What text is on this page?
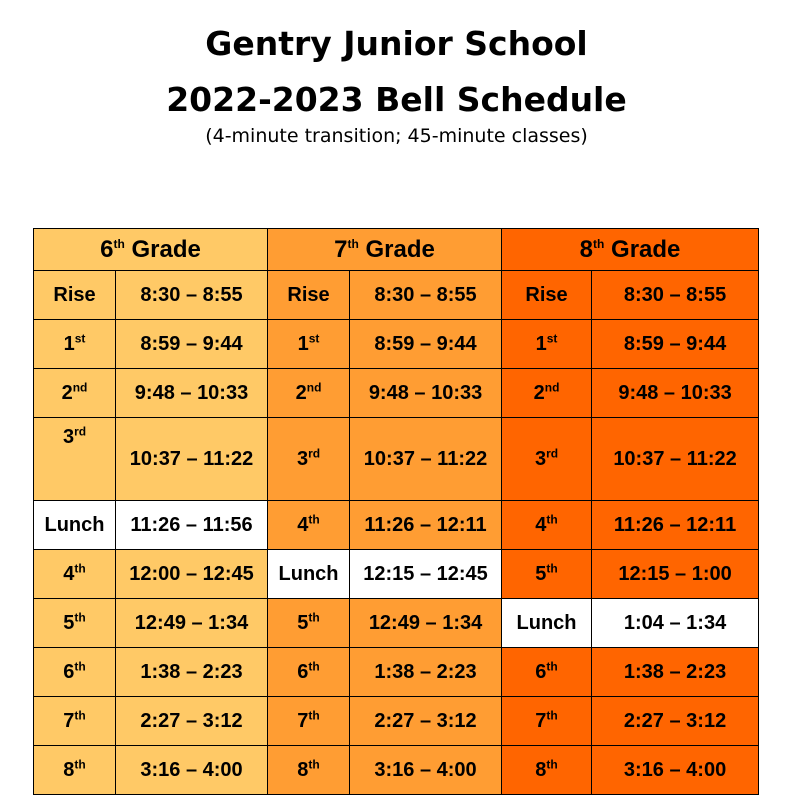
Gentry Junior School
2022-2023 Bell Schedule
(4-minute transition; 45-minute classes)
6th Grade		7th Grade		8th Grade	
Rise	8:30 – 8:55	Rise	8:30 – 8:55	Rise	8:30 – 8:55
1st	8:59 – 9:44	1st	8:59 – 9:44	1st	8:59 – 9:44
2nd	9:48 – 10:33	2nd	9:48 – 10:33	2nd	9:48 – 10:33
3rd	10:37 – 11:22	3rd	10:37 – 11:22	3rd	10:37 – 11:22
Lunch	11:26 – 11:56	4th	11:26 – 12:11	4th	11:26 – 12:11
4th	12:00 – 12:45	Lunch	12:15 – 12:45	5th	12:15 – 1:00
5th	12:49 – 1:34	5th	12:49 – 1:34	Lunch	1:04 – 1:34
6th	1:38 – 2:23	6th	1:38 – 2:23	6th	1:38 – 2:23
7th	2:27 – 3:12	7th	2:27 – 3:12	7th	2:27 – 3:12
8th	3:16 – 4:00	8th	3:16 – 4:00	8th	3:16 – 4:00
